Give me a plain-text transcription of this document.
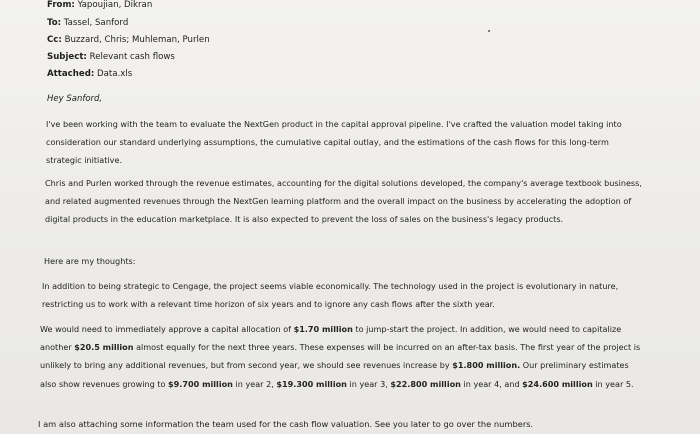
From: Yapoujian, Dikran
To: Tassel, Sanford
Cc: Buzzard, Chris; Muhleman, Purlen
Subject: Relevant cash flows
Attached: Data.xls
Hey Sanford,
I've been working with the team to evaluate the NextGen product in the capital approval pipeline. I've crafted the valuation model taking into consideration our standard underlying assumptions, the cumulative capital outlay, and the estimations of the cash flows for this long-term strategic initiative.
Chris and Purlen worked through the revenue estimates, accounting for the digital solutions developed, the company's average textbook business, and related augmented revenues through the NextGen learning platform and the overall impact on the business by accelerating the adoption of digital products in the education marketplace. It is also expected to prevent the loss of sales on the business's legacy products.
Here are my thoughts:
In addition to being strategic to Cengage, the project seems viable economically. The technology used in the project is evolutionary in nature, restricting us to work with a relevant time horizon of six years and to ignore any cash flows after the sixth year.
We would need to immediately approve a capital allocation of $1.70 million to jump-start the project. In addition, we would need to capitalize another $20.5 million almost equally for the next three years. These expenses will be incurred on an after-tax basis. The first year of the project is unlikely to bring any additional revenues, but from second year, we should see revenues increase by $1.800 million. Our preliminary estimates also show revenues growing to $9.700 million in year 2, $19.300 million in year 3, $22.800 million in year 4, and $24.600 million in year 5.
I am also attaching some information the team used for the cash flow valuation. See you later to go over the numbers.
